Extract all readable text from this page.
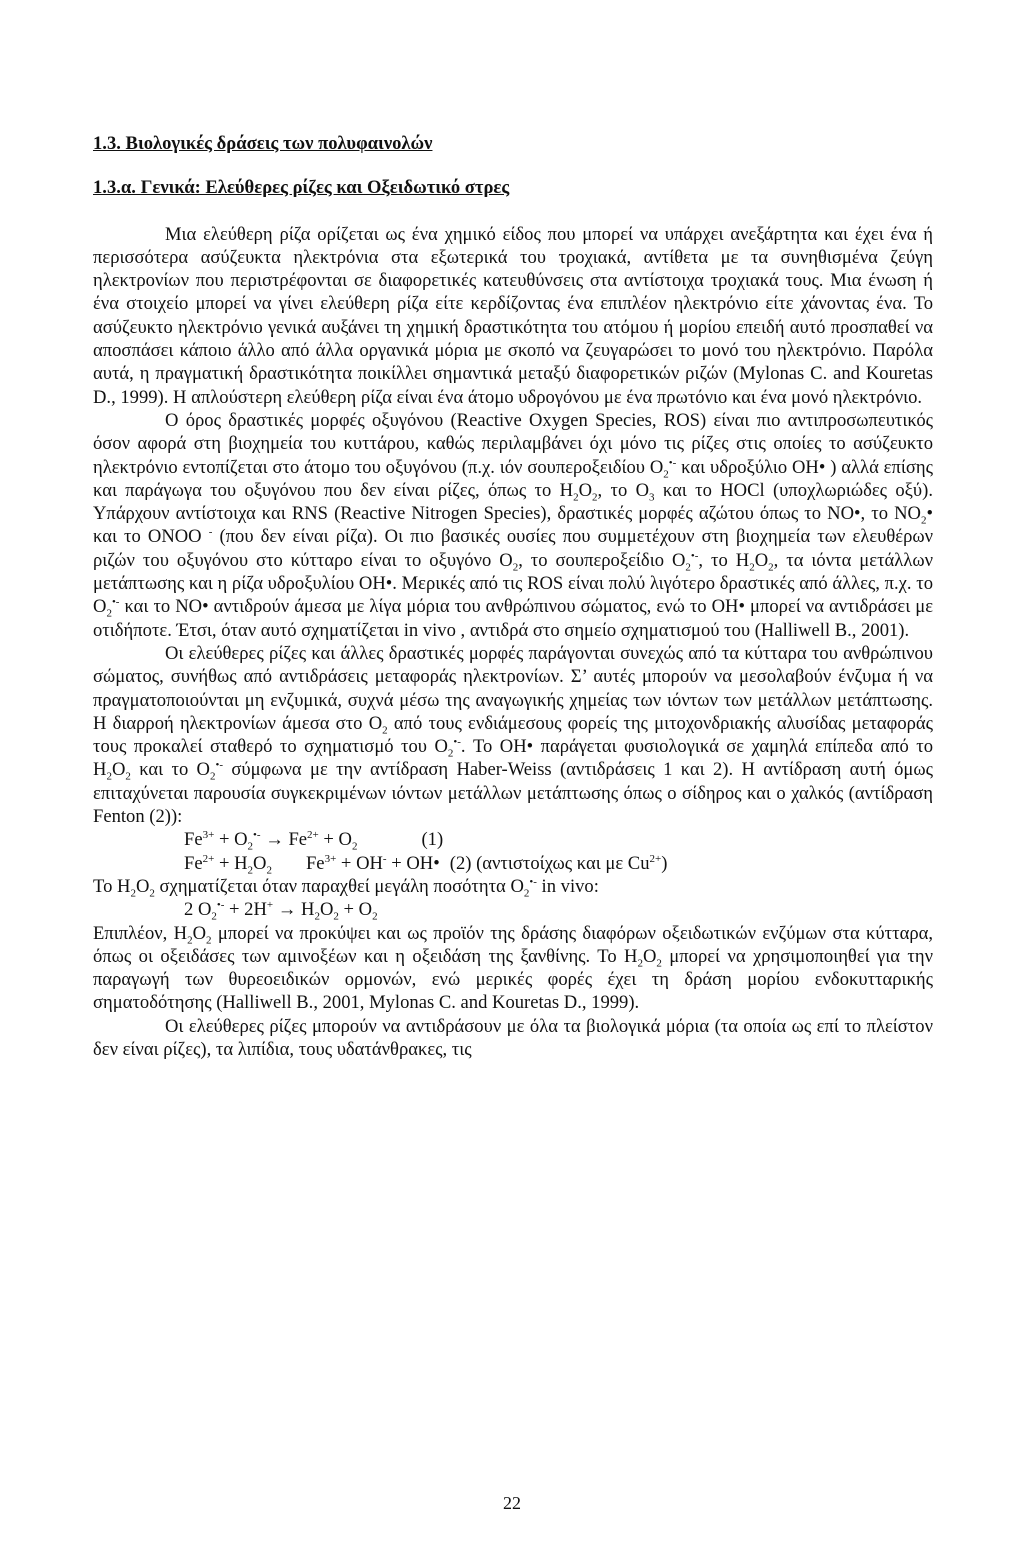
1.3. Βιολογικές δράσεις των πολυφαινολών
1.3.α. Γενικά: Ελεύθερες ρίζες και Οξειδωτικό στρες

Μια ελεύθερη ρίζα ορίζεται ως ένα χημικό είδος που μπορεί να υπάρχει ανεξάρτητα και έχει ένα ή περισσότερα ασύζευκτα ηλεκτρόνια στα εξωτερικά του τροχιακά, αντίθετα με τα συνηθισμένα ζεύγη ηλεκτρονίων που περιστρέφονται σε διαφορετικές κατευθύνσεις στα αντίστοιχα τροχιακά τους. Μια ένωση ή ένα στοιχείο μπορεί να γίνει ελεύθερη ρίζα είτε κερδίζοντας ένα επιπλέον ηλεκτρόνιο είτε χάνοντας ένα. Το ασύζευκτο ηλεκτρόνιο γενικά αυξάνει τη χημική δραστικότητα του ατόμου ή μορίου επειδή αυτό προσπαθεί να αποσπάσει κάποιο άλλο από άλλα οργανικά μόρια με σκοπό να ζευγαρώσει το μονό του ηλεκτρόνιο. Παρόλα αυτά, η πραγματική δραστικότητα ποικίλλει σημαντικά μεταξύ διαφορετικών ριζών (Mylonas C. and Kouretas D., 1999). Η απλούστερη ελεύθερη ρίζα είναι ένα άτομο υδρογόνου με ένα πρωτόνιο και ένα μονό ηλεκτρόνιο.

Ο όρος δραστικές μορφές οξυγόνου (Reactive Oxygen Species, ROS) είναι πιο αντιπροσωπευτικός όσον αφορά στη βιοχημεία του κυττάρου, καθώς περιλαμβάνει όχι μόνο τις ρίζες στις οποίες το ασύζευκτο ηλεκτρόνιο εντοπίζεται στο άτομο του οξυγόνου (π.χ. ιόν σουπεροξειδίου $O_2^{•-}$ και υδροξύλιο OH• ) αλλά επίσης και παράγωγα του οξυγόνου που δεν είναι ρίζες, όπως το $H_2O_2$, το $O_3$ και το HOCl (υποχλωριώδες οξύ). Υπάρχουν αντίστοιχα και RNS (Reactive Nitrogen Species), δραστικές μορφές αζώτου όπως το NO•, το $NO_2•$ και το ONOO - (που δεν είναι ρίζα). Οι πιο βασικές ουσίες που συμμετέχουν στη βιοχημεία των ελευθέρων ριζών του οξυγόνου στο κύτταρο είναι το οξυγόνο $O_2$, το σουπεροξείδιο $O_2^{•-}$, το $H_2O_2$, τα ιόντα μετάλλων μετάπτωσης και η ρίζα υδροξυλίου OH•. Μερικές από τις ROS είναι πολύ λιγότερο δραστικές από άλλες, π.χ. το $O_2^{•-}$ και το NO• αντιδρούν άμεσα με λίγα μόρια του ανθρώπινου σώματος, ενώ το OH• μπορεί να αντιδράσει με οτιδήποτε. Έτσι, όταν αυτό σχηματίζεται in vivo , αντιδρά στο σημείο σχηματισμού του (Halliwell B., 2001).

Οι ελεύθερες ρίζες και άλλες δραστικές μορφές παράγονται συνεχώς από τα κύτταρα του ανθρώπινου σώματος, συνήθως από αντιδράσεις μεταφοράς ηλεκτρονίων. Σ’ αυτές μπορούν να μεσολαβούν ένζυμα ή να πραγματοποιούνται μη ενζυμικά, συχνά μέσω της αναγωγικής χημείας των ιόντων των μετάλλων μετάπτωσης. Η διαρροή ηλεκτρονίων άμεσα στο $O_2$ από τους ενδιάμεσους φορείς της μιτοχονδριακής αλυσίδας μεταφοράς τους προκαλεί σταθερό το σχηματισμό του $O_2^{•-}$. Το OH• παράγεται φυσιολογικά σε χαμηλά επίπεδα από το $H_2O_2$ και το $O_2^{•-}$ σύμφωνα με την αντίδραση Haber-Weiss (αντιδράσεις 1 και 2). Η αντίδραση αυτή όμως επιταχύνεται παρουσία συγκεκριμένων ιόντων μετάλλων μετάπτωσης όπως ο σίδηρος και ο χαλκός (αντίδραση Fenton (2)):

$Fe^{3+} + O_2^{•-} \to Fe^{2+} + O_2$	(1)

$Fe^{2+} + H_2O_2$ $Fe^{3+} + OH^-$ + OH• (2) (αντιστοίχως και με $Cu^{2+}$)

Το $H_2O_2$ σχηματίζεται όταν παραχθεί μεγάλη ποσότητα $O_2^{•-}$ in vivo:

2 $O_2^{•-} + 2H^+ \to H_2O_2 + O_2$

Επιπλέον, $H_2O_2$ μπορεί να προκύψει και ως προϊόν της δράσης διαφόρων οξειδωτικών ενζύμων στα κύτταρα, όπως οι οξειδάσες των αμινοξέων και η οξειδάση της ξανθίνης. Το $H_2O_2$ μπορεί να χρησιμοποιηθεί για την παραγωγή των θυρεοειδικών ορμονών, ενώ μερικές φορές έχει τη δράση μορίου ενδοκυτταρικής σηματοδότησης (Halliwell B., 2001, Mylonas C. and Kouretas D., 1999).

Οι ελεύθερες ρίζες μπορούν να αντιδράσουν με όλα τα βιολογικά μόρια (τα οποία ως επί το πλείστον δεν είναι ρίζες), τα λιπίδια, τους υδατάνθρακες, τις

22
